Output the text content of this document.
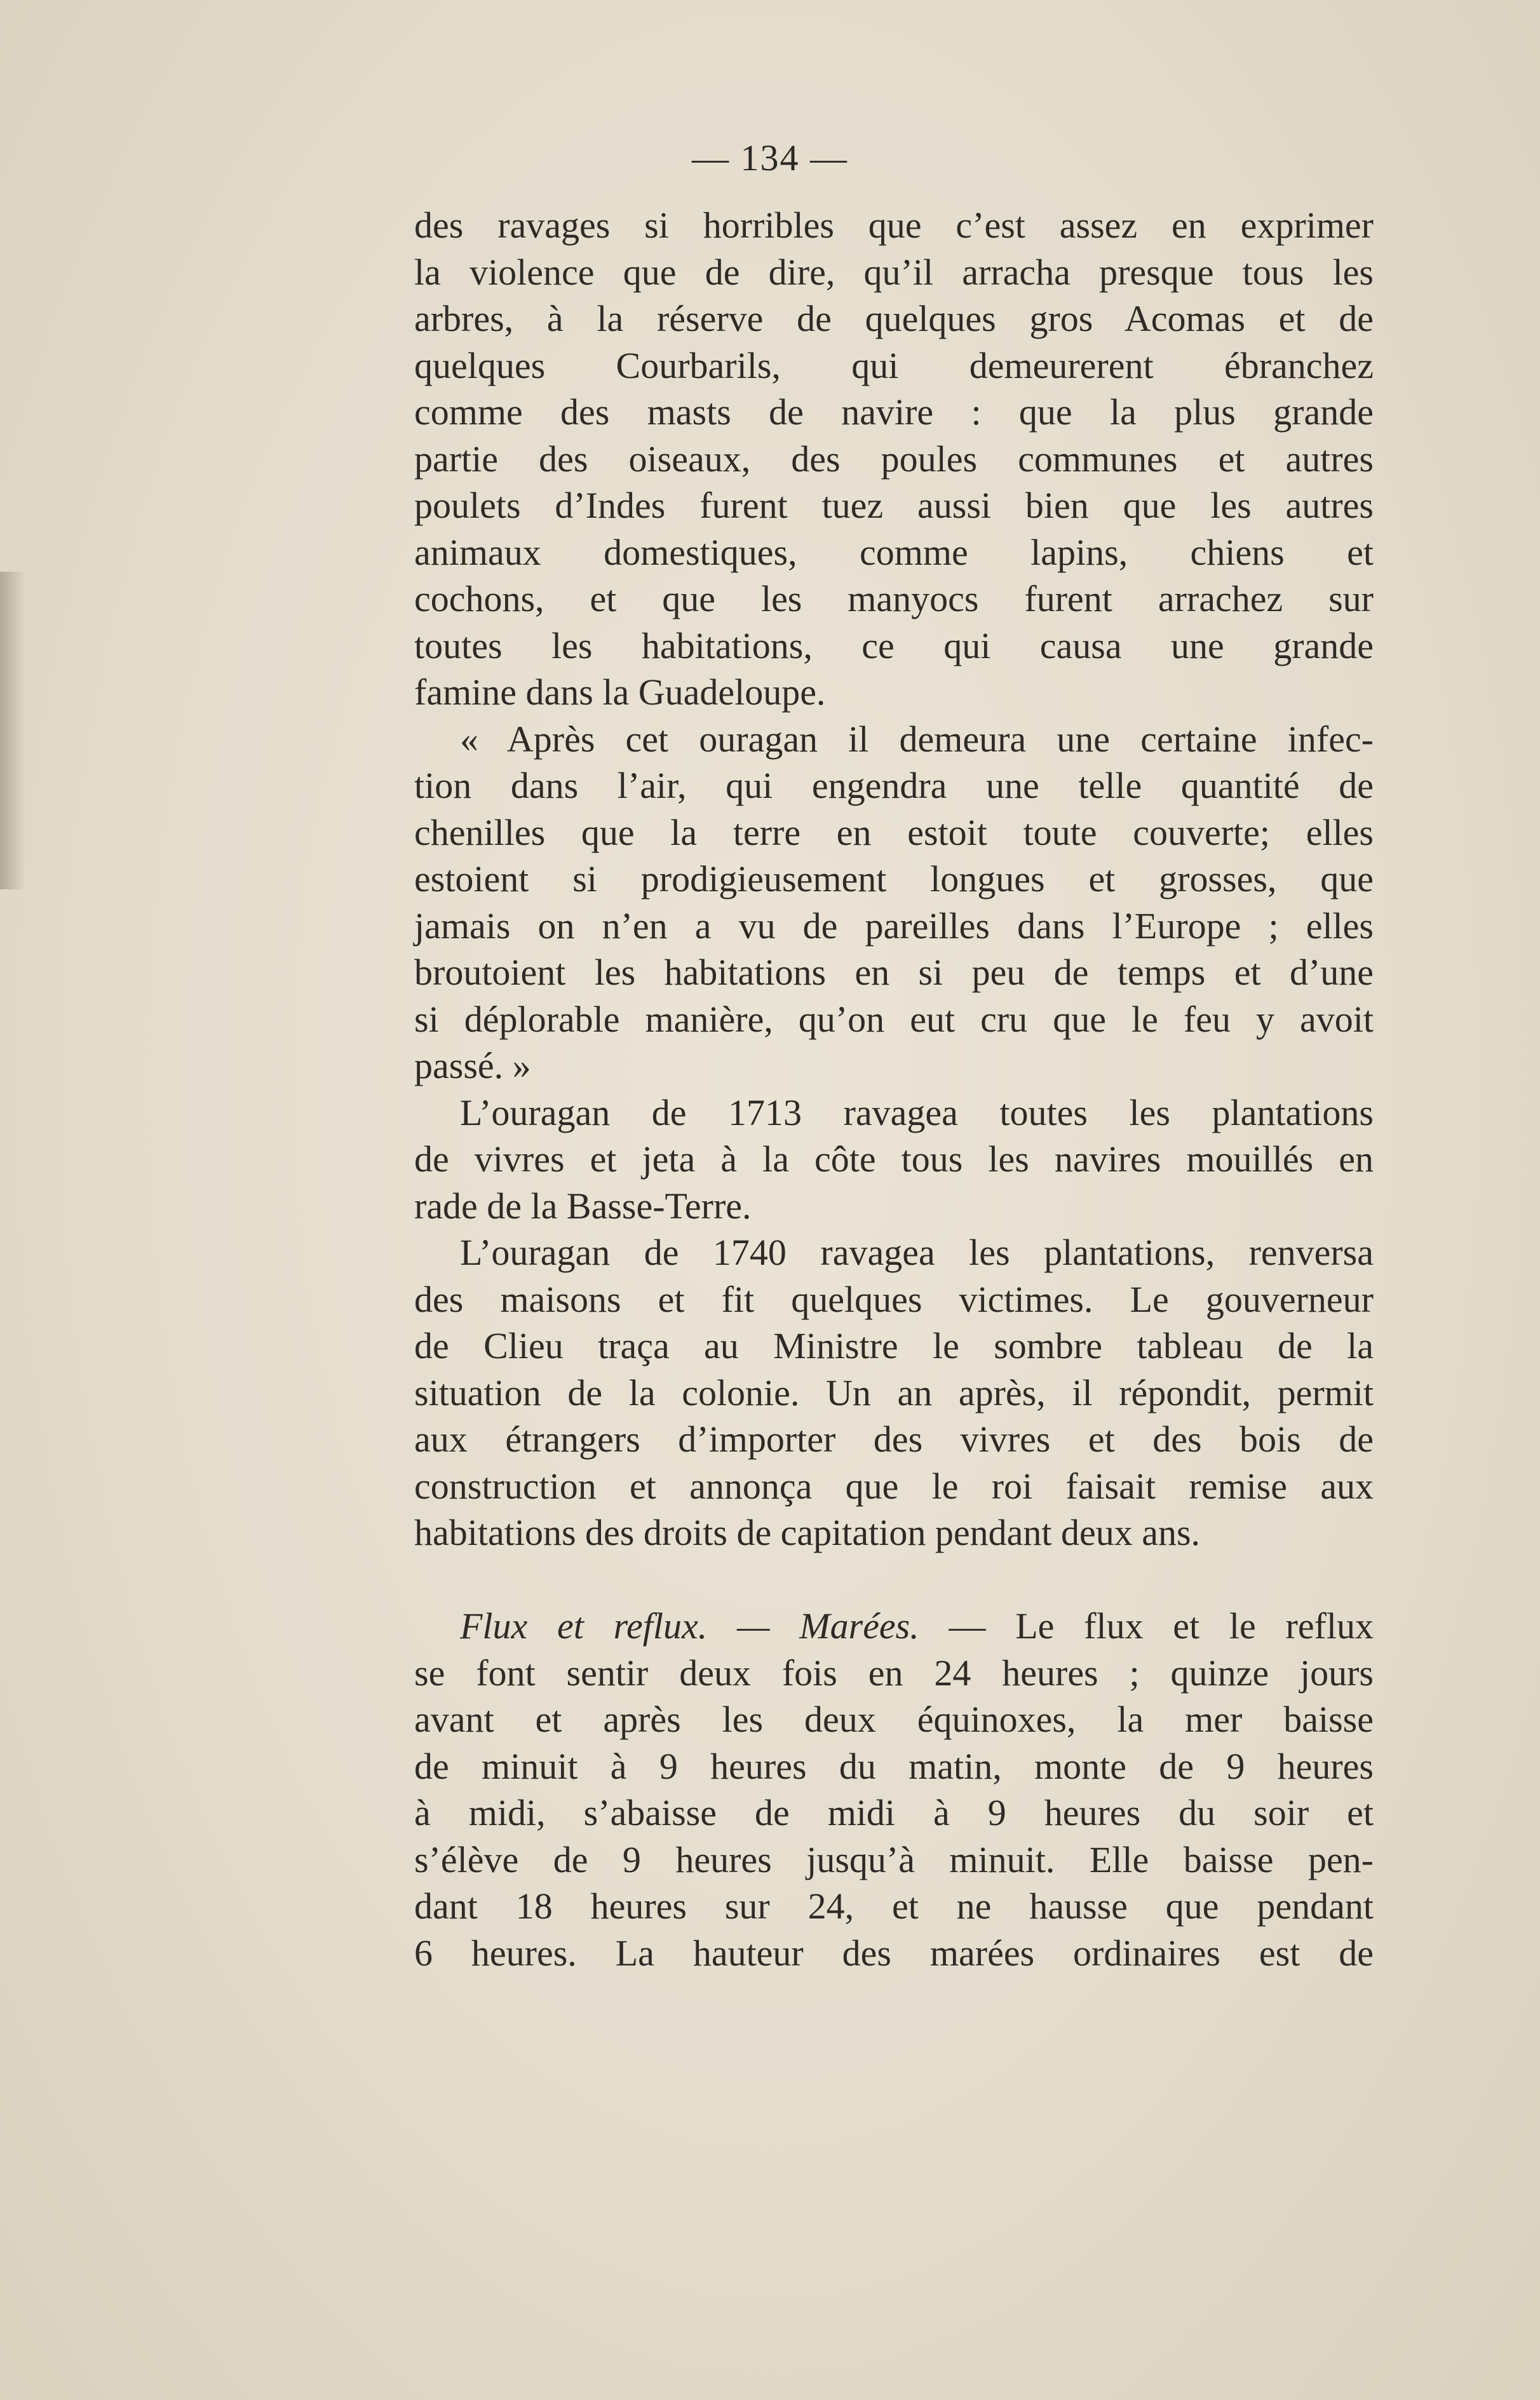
— 134 —
des ravages si horribles que c’est assez en exprimer
la violence que de dire, qu’il arracha presque tous les
arbres, à la réserve de quelques gros Acomas et de
quelques Courbarils, qui demeurerent ébranchez
comme des masts de navire : que la plus grande
partie des oiseaux, des poules communes et autres
poulets d’Indes furent tuez aussi bien que les autres
animaux domestiques, comme lapins, chiens et
cochons, et que les manyocs furent arrachez sur
toutes les habitations, ce qui causa une grande
famine dans la Guadeloupe.
« Après cet ouragan il demeura une certaine infec-
tion dans l’air, qui engendra une telle quantité de
chenilles que la terre en estoit toute couverte; elles
estoient si prodigieusement longues et grosses, que
jamais on n’en a vu de pareilles dans l’Europe ; elles
broutoient les habitations en si peu de temps et d’une
si déplorable manière, qu’on eut cru que le feu y avoit
passé. »
L’ouragan de 1713 ravagea toutes les plantations
de vivres et jeta à la côte tous les navires mouillés en
rade de la Basse-Terre.
L’ouragan de 1740 ravagea les plantations, renversa
des maisons et fit quelques victimes. Le gouverneur
de Clieu traça au Ministre le sombre tableau de la
situation de la colonie. Un an après, il répondit, permit
aux étrangers d’importer des vivres et des bois de
construction et annonça que le roi faisait remise aux
habitations des droits de capitation pendant deux ans.
Flux et reflux. — Marées. — Le flux et le reflux
se font sentir deux fois en 24 heures ; quinze jours
avant et après les deux équinoxes, la mer baisse
de minuit à 9 heures du matin, monte de 9 heures
à midi, s’abaisse de midi à 9 heures du soir et
s’élève de 9 heures jusqu’à minuit. Elle baisse pen-
dant 18 heures sur 24, et ne hausse que pendant
6 heures. La hauteur des marées ordinaires est de
